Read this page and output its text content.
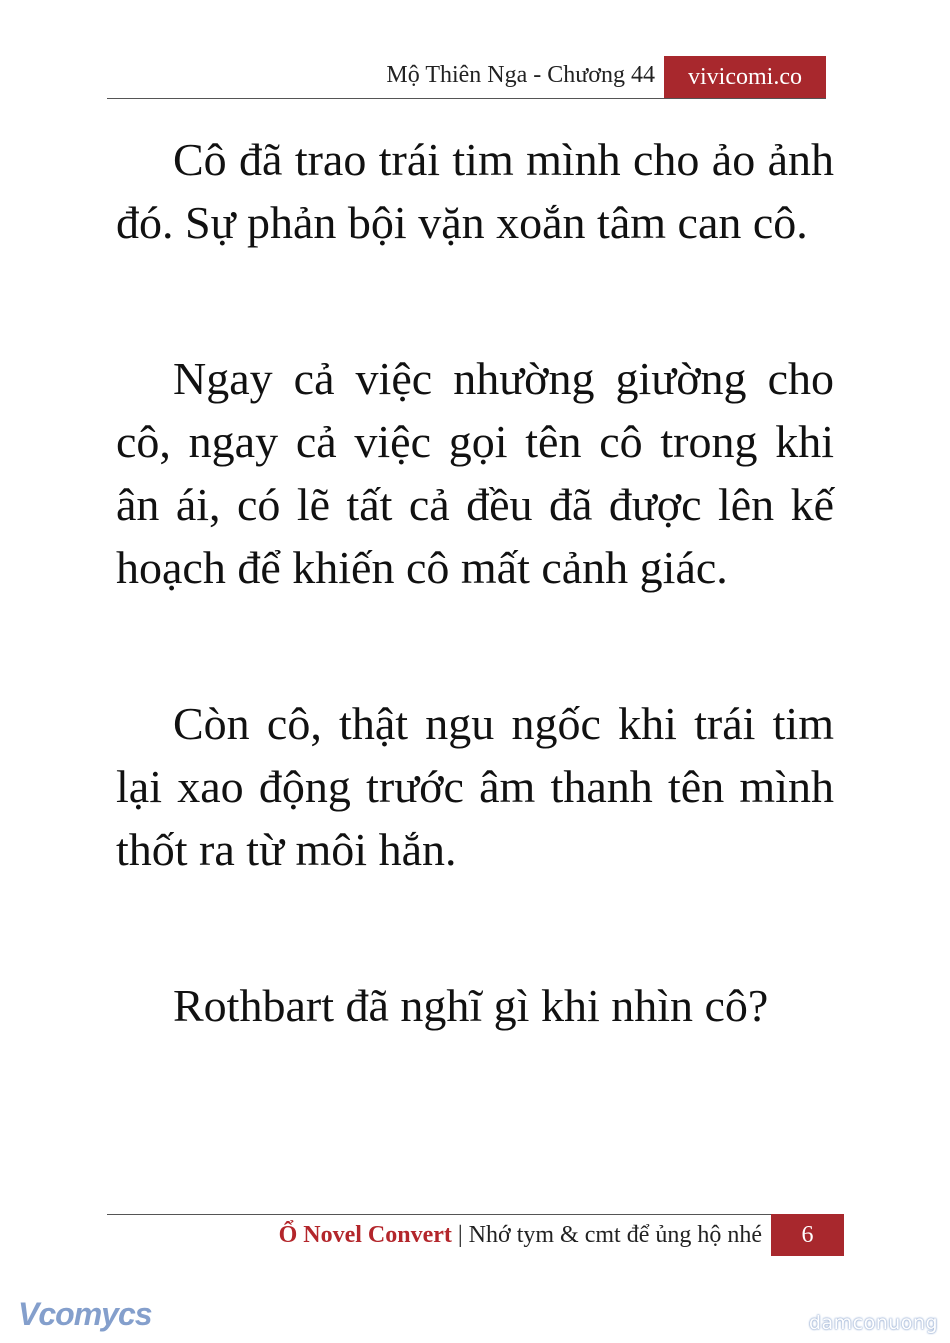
Mộ Thiên Nga - Chương 44	vivicomi.co

Cô đã trao trái tim mình cho ảo ảnh đó. Sự phản bội vặn xoắn tâm can cô.

Ngay cả việc nhường giường cho cô, ngay cả việc gọi tên cô trong khi ân ái, có lẽ tất cả đều đã được lên kế hoạch để khiến cô mất cảnh giác.

Còn cô, thật ngu ngốc khi trái tim lại xao động trước âm thanh tên mình thốt ra từ môi hắn.

Rothbart đã nghĩ gì khi nhìn cô?

Ổ Novel Convert | Nhớ tym & cmt để ủng hộ nhé	6
Vcomycs	damconuong
